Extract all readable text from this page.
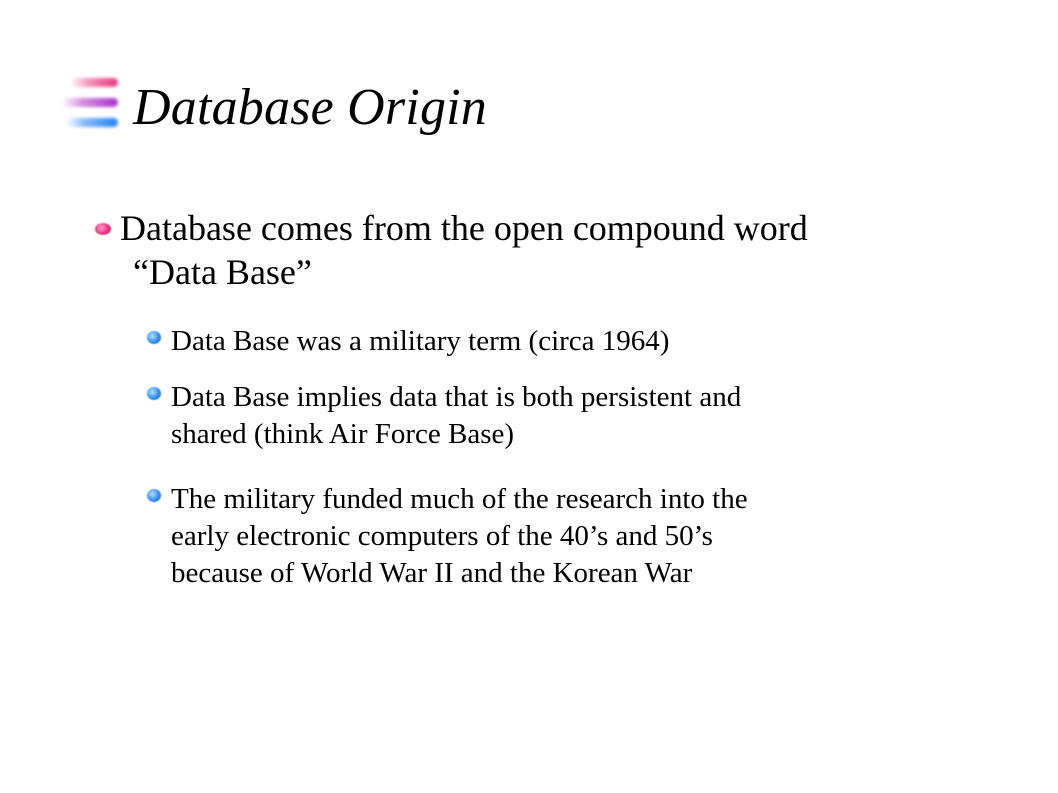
Database Origin
Database comes from the open compound word
“Data Base”
Data Base was a military term (circa 1964)
Data Base implies data that is both persistent and
shared (think Air Force Base)
The military funded much of the research into the
early electronic computers of the 40’s and 50’s
because of World War II and the Korean War
